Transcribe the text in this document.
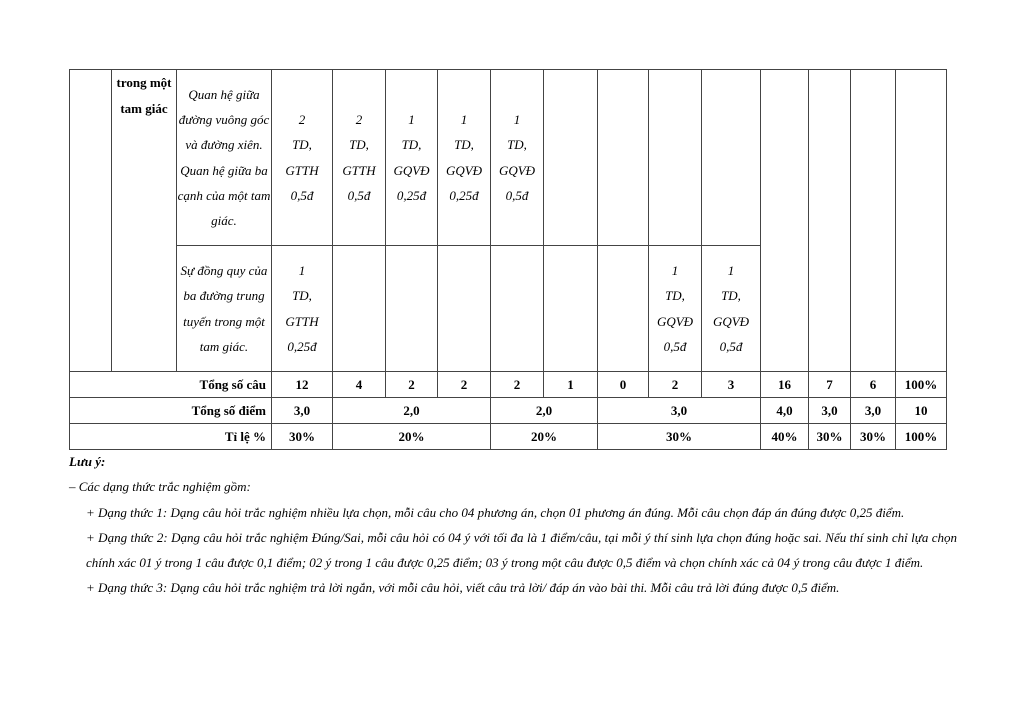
	trong một tam giác	Quan hệ giữa đường vuông góc và đường xiên. Quan hệ giữa ba cạnh của một tam giác.	2
TD,
GTTH
0,5đ	2
TD,
GTTH
0,5đ	1
TD,
GQVĐ
0,25đ	1
TD,
GQVĐ
0,25đ	1
TD,
GQVĐ
0,5đ								

		Sự đồng quy của ba đường trung tuyến trong một tam giác.	1
TD,
GTTH
0,25đ							1
TD,
GQVĐ
0,5đ	1
TD,
GQVĐ
0,5đ				

Tổng số câu			12	4	2	2	2	1	0	2	3	16	7	6	100%
Tổng số điểm			3,0	2,0			2,0		3,0			4,0	3,0	3,0	10
Tỉ lệ %			30%	20%			20%		30%			40%	30%	30%	100%

Lưu ý:

– Các dạng thức trắc nghiệm gồm:

+ Dạng thức 1: Dạng câu hỏi trắc nghiệm nhiều lựa chọn, mỗi câu cho 04 phương án, chọn 01 phương án đúng. Mỗi câu chọn đáp án đúng được 0,25 điểm.

+ Dạng thức 2: Dạng câu hỏi trắc nghiệm Đúng/Sai, mỗi câu hỏi có 04 ý với tối đa là 1 điểm/câu, tại mỗi ý thí sinh lựa chọn đúng hoặc sai. Nếu thí sinh chỉ lựa chọn chính xác 01 ý trong 1 câu được 0,1 điểm; 02 ý trong 1 câu được 0,25 điểm; 03 ý trong một câu được 0,5 điểm và chọn chính xác cả 04 ý trong câu được 1 điểm.

+ Dạng thức 3: Dạng câu hỏi trắc nghiệm trả lời ngắn, với mỗi câu hỏi, viết câu trả lời/ đáp án vào bài thi. Mỗi câu trả lời đúng được 0,5 điểm.
